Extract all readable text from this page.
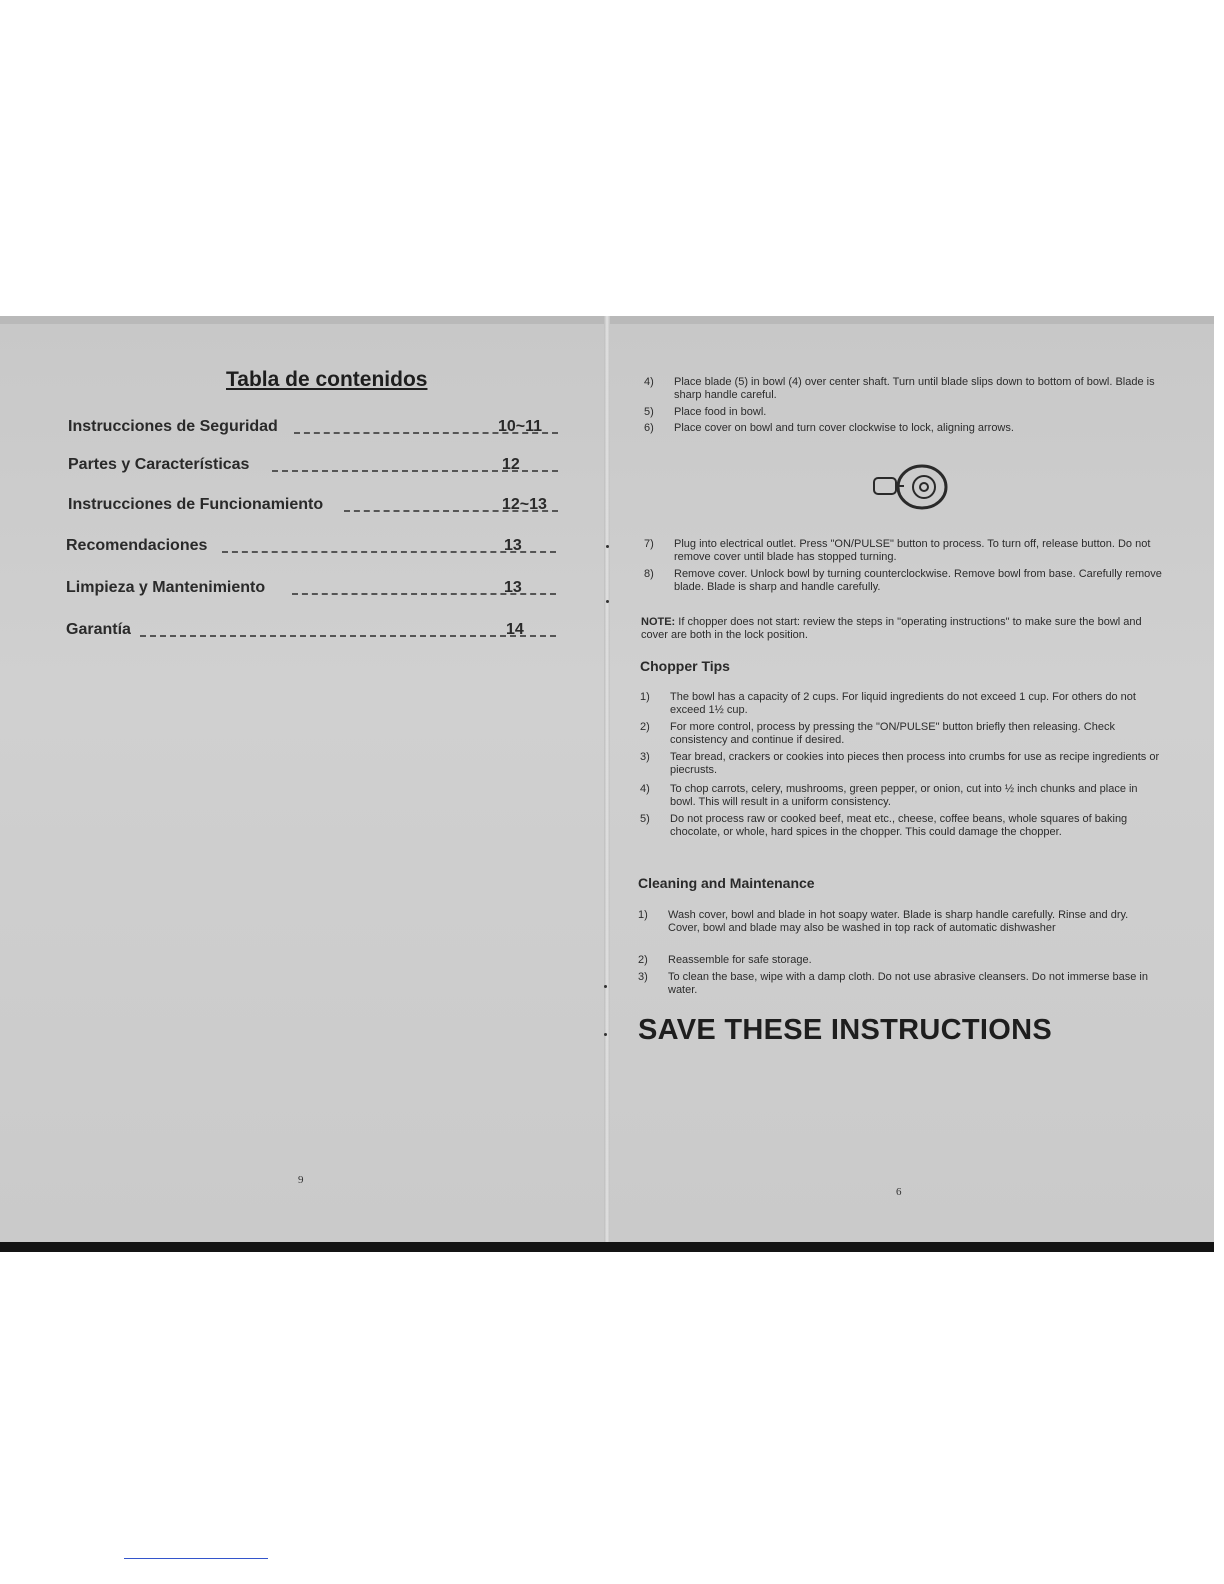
Tabla de contenidos
Instrucciones de Seguridad	10~11
Partes y Características	12
Instrucciones de Funcionamiento	12~13
Recomendaciones	13
Limpieza y Mantenimiento	13
Garantía	14
9
4) Place blade (5) in bowl (4) over center shaft. Turn until blade slips down to bottom of bowl. Blade is sharp handle careful.
5) Place food in bowl.
6) Place cover on bowl and turn cover clockwise to lock, aligning arrows.
7) Plug into electrical outlet. Press "ON/PULSE" button to process. To turn off, release button. Do not remove cover until blade has stopped turning.
8) Remove cover. Unlock bowl by turning counterclockwise. Remove bowl from base. Carefully remove blade. Blade is sharp and handle carefully.
NOTE: If chopper does not start: review the steps in "operating instructions" to make sure the bowl and cover are both in the lock position.
Chopper Tips
1) The bowl has a capacity of 2 cups. For liquid ingredients do not exceed 1 cup. For others do not exceed 1½ cup.
2) For more control, process by pressing the "ON/PULSE" button briefly then releasing. Check consistency and continue if desired.
3) Tear bread, crackers or cookies into pieces then process into crumbs for use as recipe ingredients or piecrusts.
4) To chop carrots, celery, mushrooms, green pepper, or onion, cut into ½ inch chunks and place in bowl. This will result in a uniform consistency.
5) Do not process raw or cooked beef, meat etc., cheese, coffee beans, whole squares of baking chocolate, or whole, hard spices in the chopper. This could damage the chopper.
Cleaning and Maintenance
1) Wash cover, bowl and blade in hot soapy water. Blade is sharp handle carefully. Rinse and dry. Cover, bowl and blade may also be washed in top rack of automatic dishwasher
2) Reassemble for safe storage.
3) To clean the base, wipe with a damp cloth. Do not use abrasive cleansers. Do not immerse base in water.
SAVE THESE INSTRUCTIONS
6
